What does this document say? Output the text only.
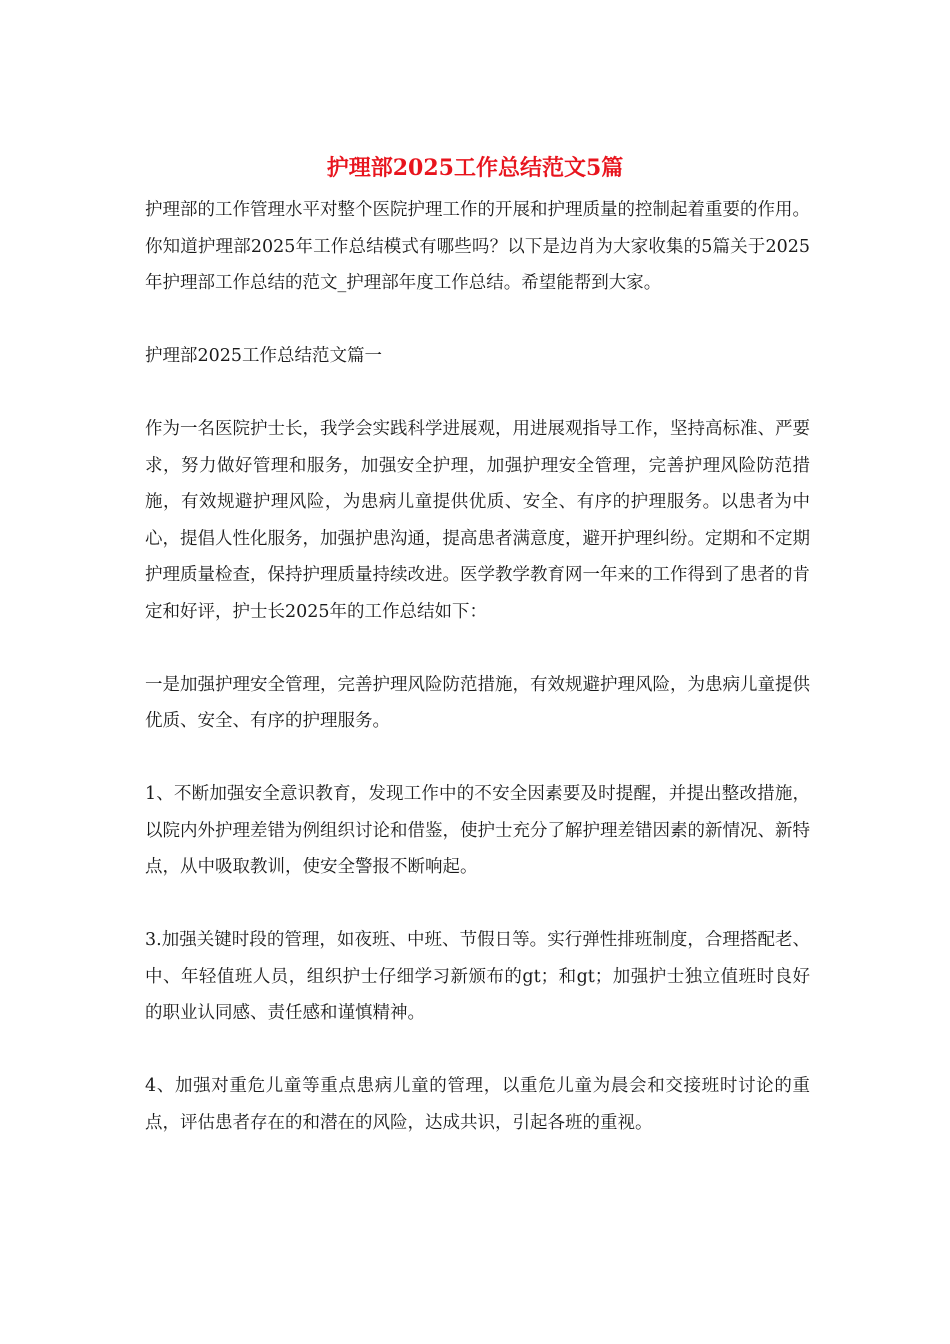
护理部2025工作总结范文5篇

护理部的工作管理水平对整个医院护理工作的开展和护理质量的控制起着重要的作用。你知道护理部2025年工作总结模式有哪些吗？以下是边肖为大家收集的5篇关于2025年护理部工作总结的范文_护理部年度工作总结。希望能帮到大家。

护理部2025工作总结范文篇一

作为一名医院护士长，我学会实践科学进展观，用进展观指导工作，坚持高标准、严要求，努力做好管理和服务，加强安全护理，加强护理安全管理，完善护理风险防范措施，有效规避护理风险，为患病儿童提供优质、安全、有序的护理服务。以患者为中心，提倡人性化服务，加强护患沟通，提高患者满意度，避开护理纠纷。定期和不定期护理质量检查，保持护理质量持续改进。医学教学教育网一年来的工作得到了患者的肯定和好评，护士长2025年的工作总结如下：

一是加强护理安全管理，完善护理风险防范措施，有效规避护理风险，为患病儿童提供优质、安全、有序的护理服务。

1、不断加强安全意识教育，发现工作中的不安全因素要及时提醒，并提出整改措施，以院内外护理差错为例组织讨论和借鉴，使护士充分了解护理差错因素的新情况、新特点，从中吸取教训，使安全警报不断响起。

3.加强关键时段的管理，如夜班、中班、节假日等。实行弹性排班制度，合理搭配老、中、年轻值班人员，组织护士仔细学习新颁布的gt；和gt；加强护士独立值班时良好的职业认同感、责任感和谨慎精神。

4、加强对重危儿童等重点患病儿童的管理，以重危儿童为晨会和交接班时讨论的重点，评估患者存在的和潜在的风险，达成共识，引起各班的重视。
